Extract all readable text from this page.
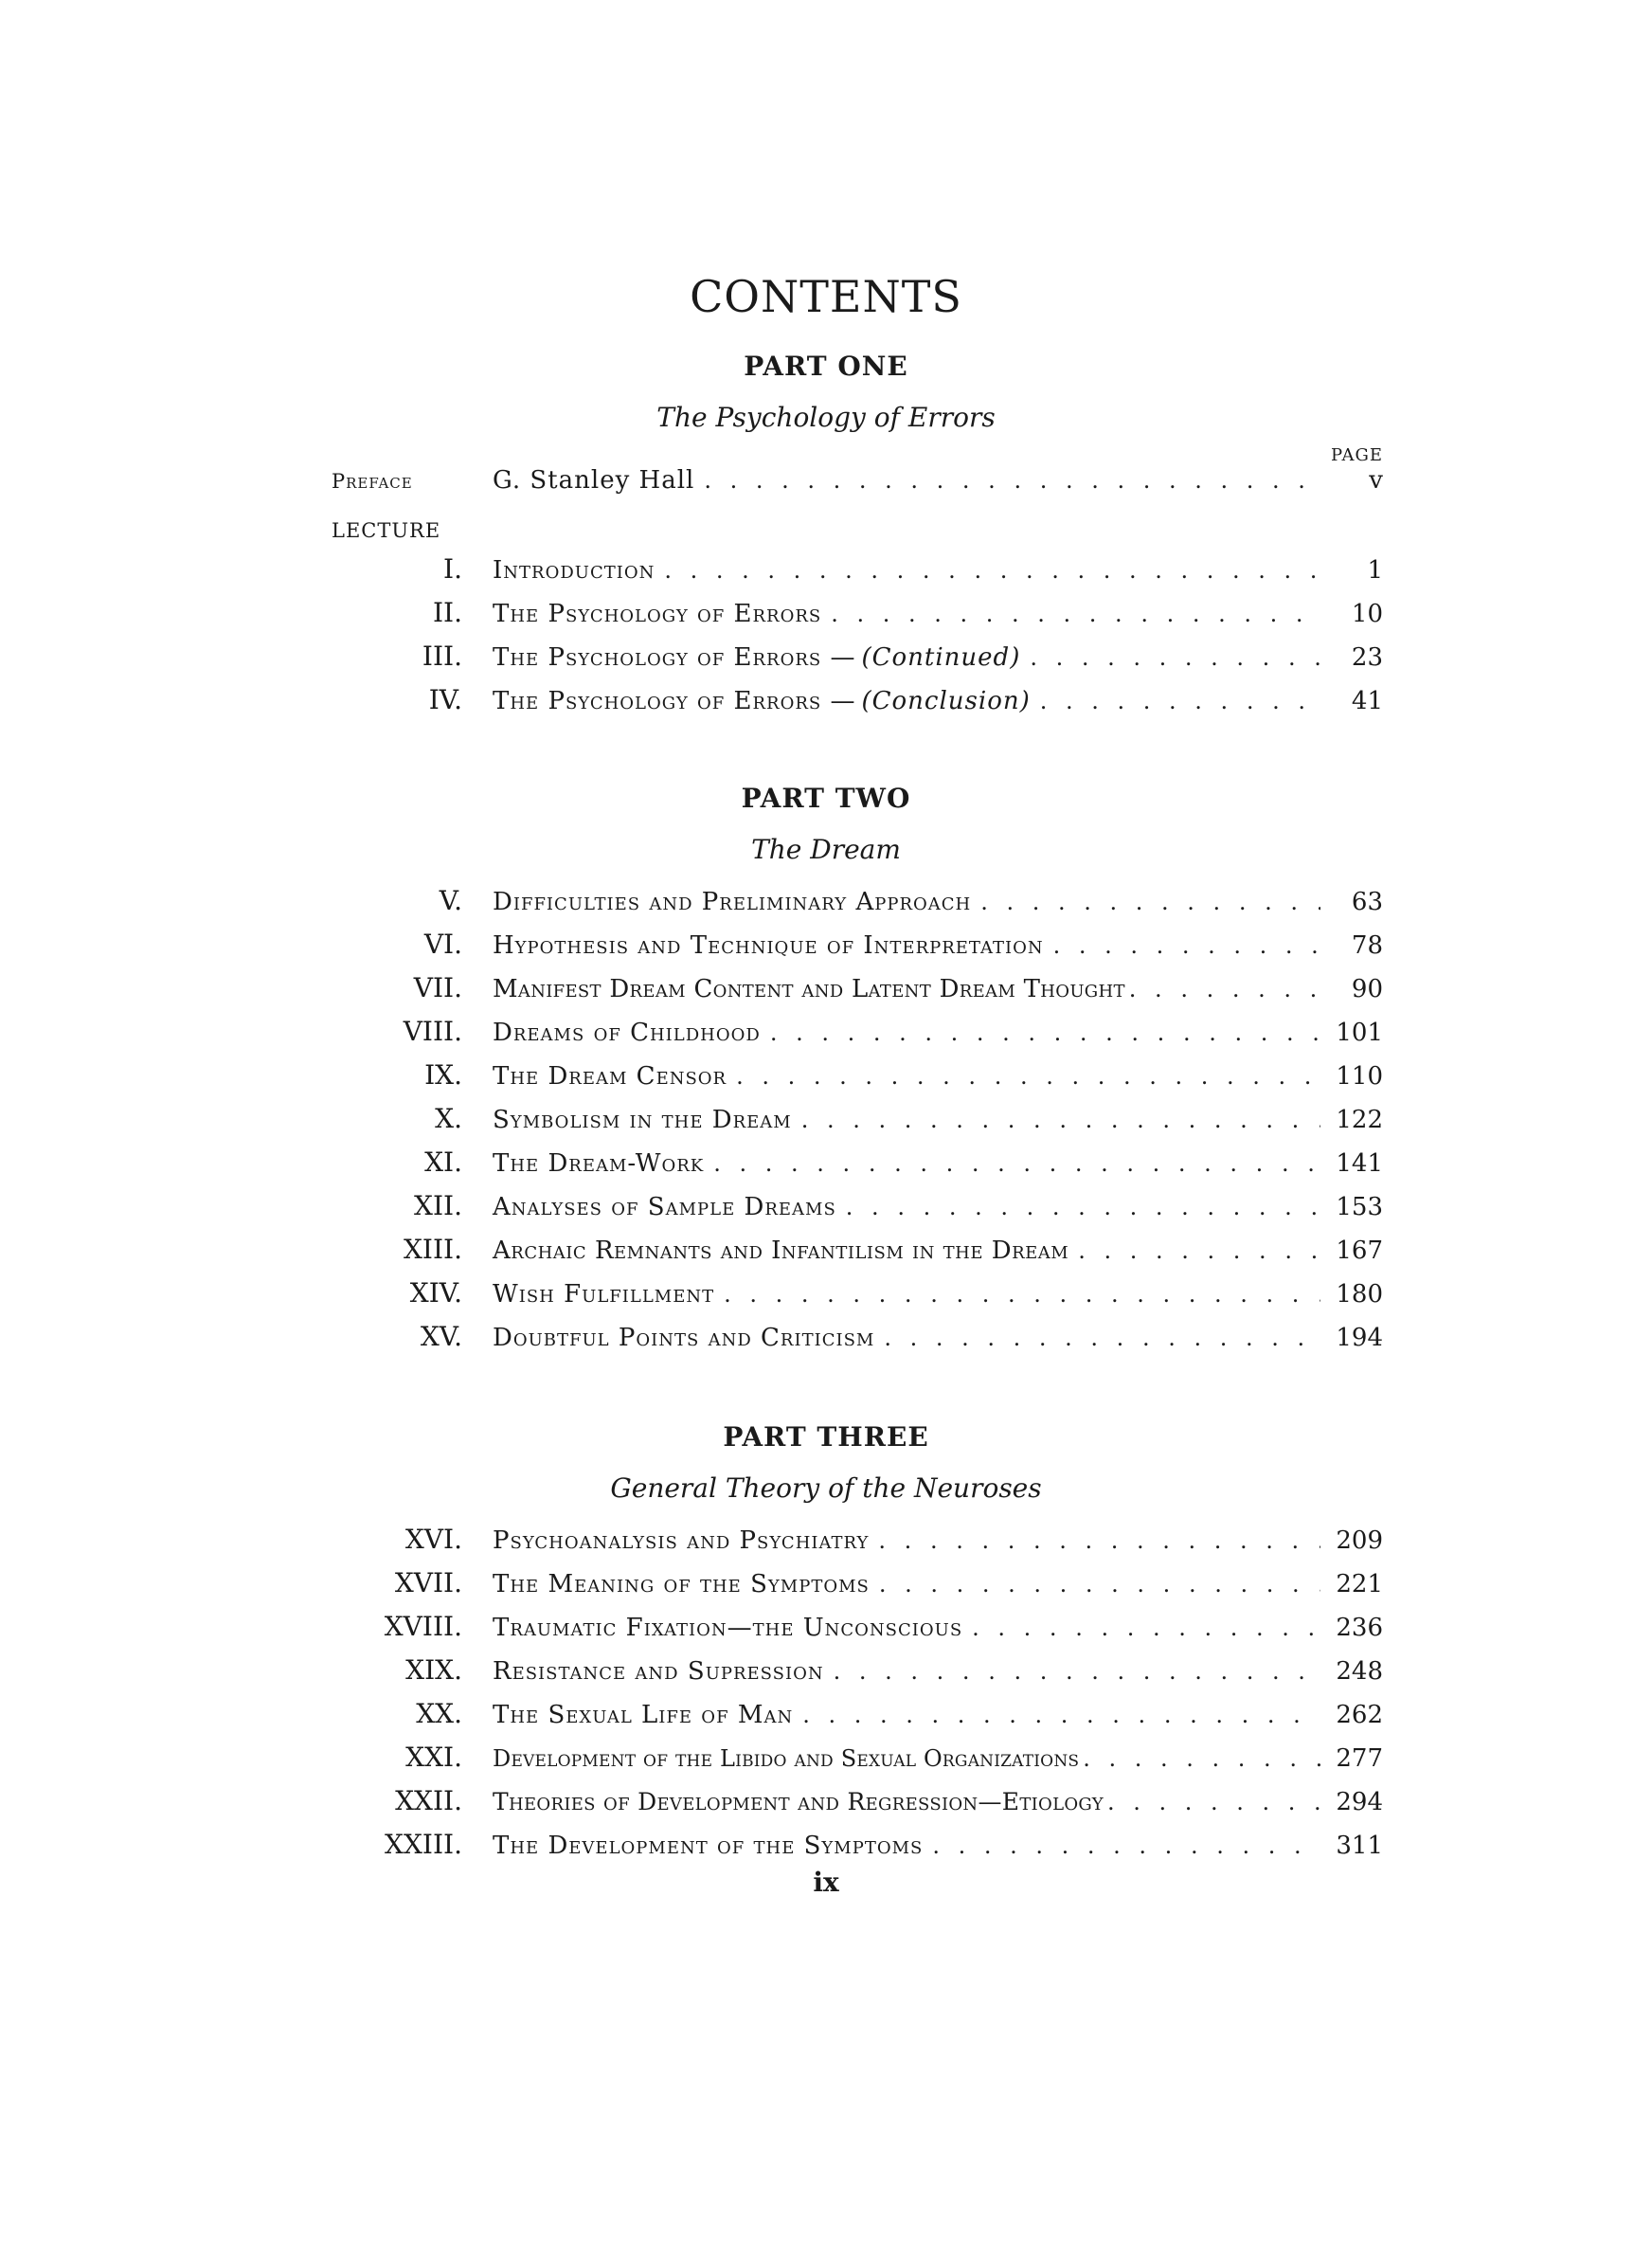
CONTENTS
PART ONE
The Psychology of Errors
PAGE
Preface	G. Stanley Hall . . .	v
LECTURE
I. Introduction . . .	1
II. The Psychology of Errors . . .	10
III. The Psychology of Errors — (Continued) . . .	23
IV. The Psychology of Errors — (Conclusion) . . .	41
PART TWO
The Dream
V. Difficulties and Preliminary Approach . . .	63
VI. Hypothesis and Technique of Interpretation . . .	78
VII. Manifest Dream Content and Latent Dream Thought . . .	90
VIII. Dreams of Childhood . . .	101
IX. The Dream Censor . . .	110
X. Symbolism in the Dream . . .	122
XI. The Dream-Work . . .	141
XII. Analyses of Sample Dreams . . .	153
XIII. Archaic Remnants and Infantilism in the Dream . . .	167
XIV. Wish Fulfillment . . .	180
XV. Doubtful Points and Criticism . . .	194
PART THREE
General Theory of the Neuroses
XVI. Psychoanalysis and Psychiatry . . .	209
XVII. The Meaning of the Symptoms . . .	221
XVIII. Traumatic Fixation—the Unconscious . . .	236
XIX. Resistance and Supression . . .	248
XX. The Sexual Life of Man . . .	262
XXI. Development of the Libido and Sexual Organizations . . .	277
XXII. Theories of Development and Regression—Etiology . . .	294
XXIII. The Development of the Symptoms . . .	311
ix
